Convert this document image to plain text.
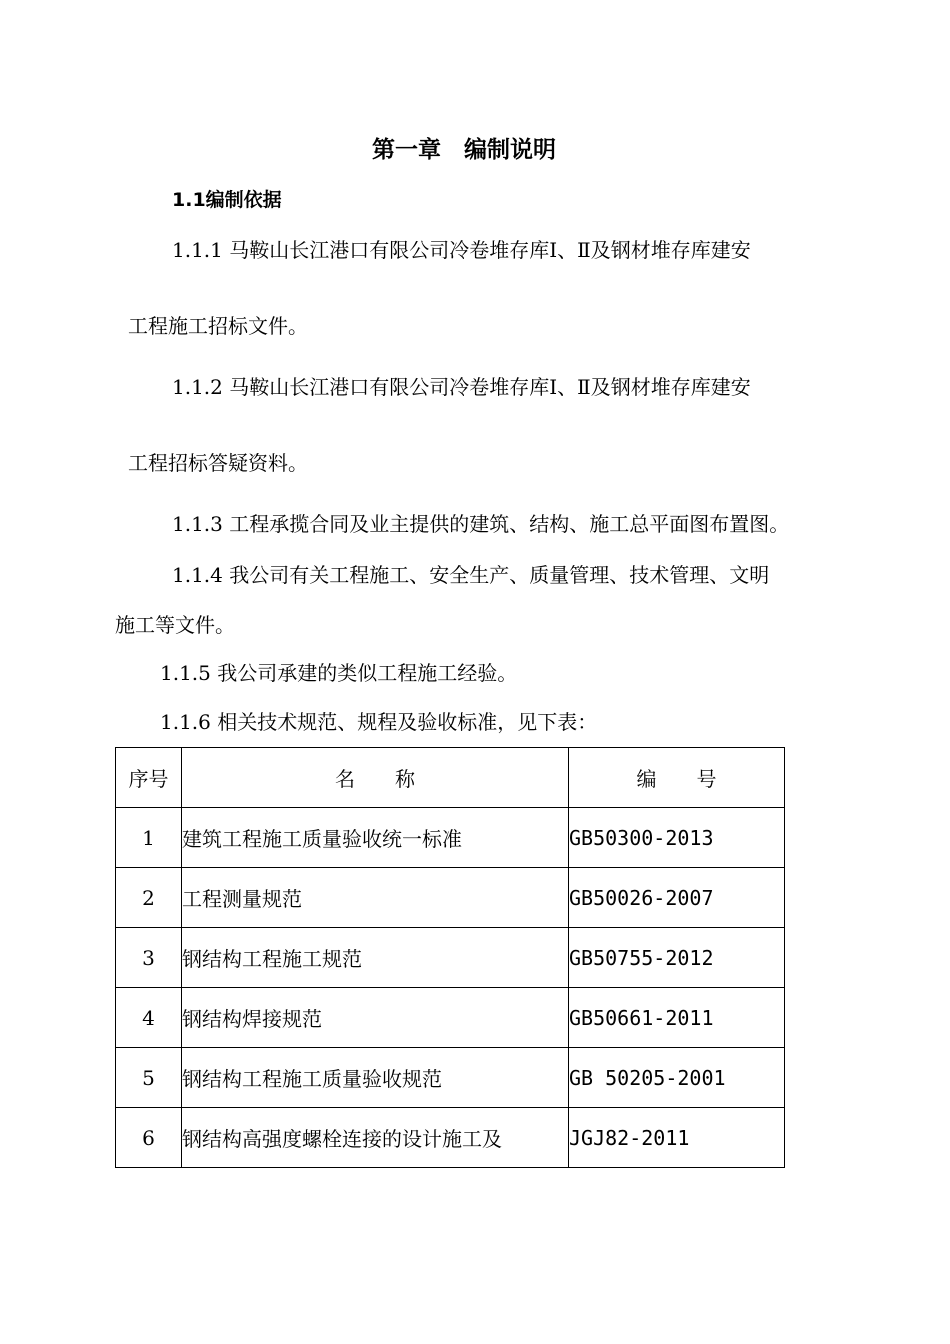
第一章　编制说明
1.1编制依据
1.1.1 马鞍山长江港口有限公司冷卷堆存库Ⅰ、Ⅱ及钢材堆存库建安
工程施工招标文件。
1.1.2 马鞍山长江港口有限公司冷卷堆存库Ⅰ、Ⅱ及钢材堆存库建安
工程招标答疑资料。
1.1.3 工程承揽合同及业主提供的建筑、结构、施工总平面图布置图。
1.1.4 我公司有关工程施工、安全生产、质量管理、技术管理、文明
施工等文件。
1.1.5 我公司承建的类似工程施工经验。
1.1.6 相关技术规范、规程及验收标准，见下表：
序号	名　　称	编　　号
1	建筑工程施工质量验收统一标准	GB50300-2013
2	工程测量规范	GB50026-2007
3	钢结构工程施工规范	GB50755-2012
4	钢结构焊接规范	GB50661-2011
5	钢结构工程施工质量验收规范	GB 50205-2001
6	钢结构高强度螺栓连接的设计施工及	JGJ82-2011
